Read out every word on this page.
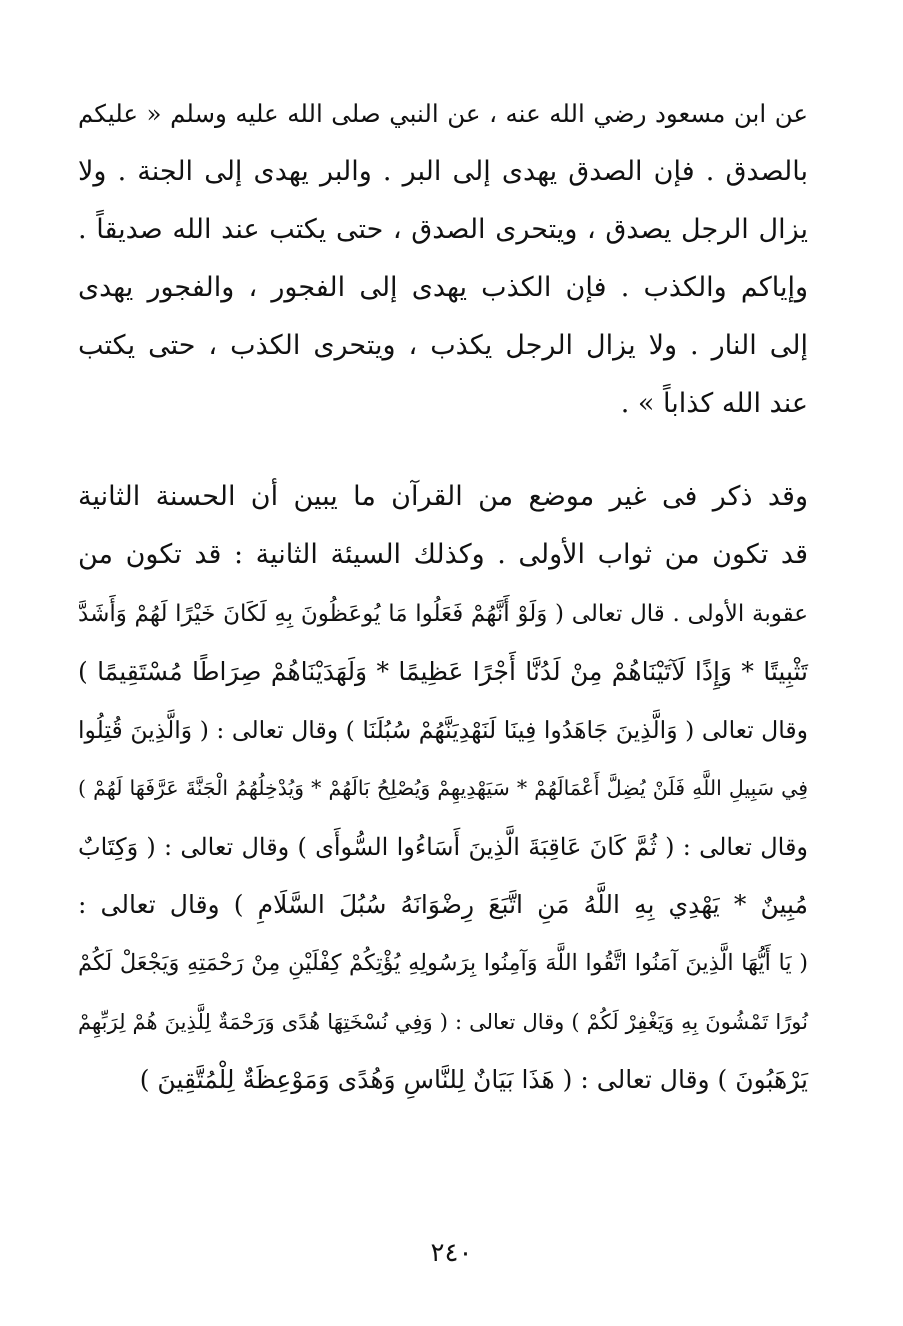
عن ابن مسعود رضي الله عنه ، عن النبي صلى الله عليه وسلم « عليكم
بالصدق . فإن الصدق يهدى إلى البر . والبر يهدى إلى الجنة . ولا
يزال الرجل يصدق ، ويتحرى الصدق ، حتى يكتب عند الله صديقاً .
وإياكم والكذب . فإن الكذب يهدى إلى الفجور ، والفجور يهدى
إلى النار . ولا يزال الرجل يكذب ، ويتحرى الكذب ، حتى يكتب
عند الله كذاباً » .
وقد ذكر فى غير موضع من القرآن ما يبين أن الحسنة الثانية
قد تكون من ثواب الأولى . وكذلك السيئة الثانية : قد تكون من
عقوبة الأولى . قال تعالى ( وَلَوْ أَنَّهُمْ فَعَلُوا مَا يُوعَظُونَ بِهِ لَكَانَ خَيْرًا لَهُمْ وَأَشَدَّ
تَثْبِيتًا * وَإِذًا لَآتَيْنَاهُمْ مِنْ لَدُنَّا أَجْرًا عَظِيمًا * وَلَهَدَيْنَاهُمْ صِرَاطًا مُسْتَقِيمًا )
وقال تعالى ( وَالَّذِينَ جَاهَدُوا فِينَا لَنَهْدِيَنَّهُمْ سُبُلَنَا ) وقال تعالى : ( وَالَّذِينَ قُتِلُوا
فِي سَبِيلِ اللَّهِ فَلَنْ يُضِلَّ أَعْمَالَهُمْ * سَيَهْدِيهِمْ وَيُصْلِحُ بَالَهُمْ * وَيُدْخِلُهُمُ الْجَنَّةَ عَرَّفَهَا لَهُمْ )
وقال تعالى : ( ثُمَّ كَانَ عَاقِبَةَ الَّذِينَ أَسَاءُوا السُّوأَى ) وقال تعالى : ( وَكِتَابٌ
مُبِينٌ * يَهْدِي بِهِ اللَّهُ مَنِ اتَّبَعَ رِضْوَانَهُ سُبُلَ السَّلَامِ ) وقال تعالى :
( يَا أَيُّهَا الَّذِينَ آمَنُوا اتَّقُوا اللَّهَ وَآمِنُوا بِرَسُولِهِ يُؤْتِكُمْ كِفْلَيْنِ مِنْ رَحْمَتِهِ وَيَجْعَلْ لَكُمْ
نُورًا تَمْشُونَ بِهِ وَيَغْفِرْ لَكُمْ ) وقال تعالى : ( وَفِي نُسْخَتِهَا هُدًى وَرَحْمَةٌ لِلَّذِينَ هُمْ لِرَبِّهِمْ
يَرْهَبُونَ ) وقال تعالى : ( هَذَا بَيَانٌ لِلنَّاسِ وَهُدًى وَمَوْعِظَةٌ لِلْمُتَّقِينَ )
٢٤٠
